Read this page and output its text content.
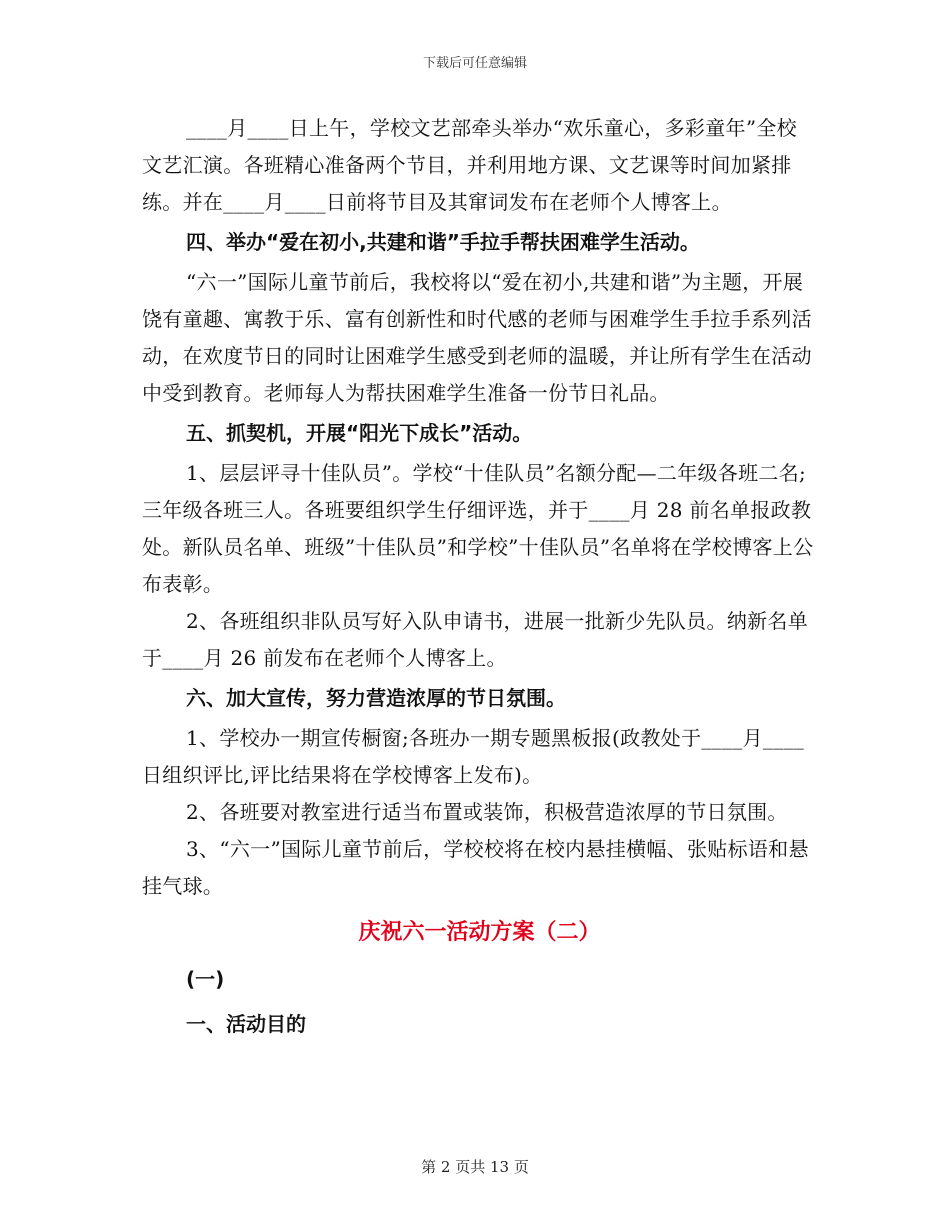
下载后可任意编辑

____月____日上午，学校文艺部牵头举办“欢乐童心，多彩童年”全校文艺汇演。各班精心准备两个节目，并利用地方课、文艺课等时间加紧排练。并在____月____日前将节目及其窜词发布在老师个人博客上。

四、举办“爱在初小,共建和谐”手拉手帮扶困难学生活动。

“六一”国际儿童节前后，我校将以“爱在初小,共建和谐”为主题，开展饶有童趣、寓教于乐、富有创新性和时代感的老师与困难学生手拉手系列活动，在欢度节日的同时让困难学生感受到老师的温暖，并让所有学生在活动中受到教育。老师每人为帮扶困难学生准备一份节日礼品。

五、抓契机，开展“阳光下成长”活动。

1、层层评寻十佳队员”。学校“十佳队员”名额分配—二年级各班二名;三年级各班三人。各班要组织学生仔细评选，并于____月 28 前名单报政教处。新队员名单、班级”十佳队员”和学校”十佳队员”名单将在学校博客上公布表彰。

2、各班组织非队员写好入队申请书，进展一批新少先队员。纳新名单于____月 26 前发布在老师个人博客上。

六、加大宣传，努力营造浓厚的节日氛围。

1、学校办一期宣传橱窗;各班办一期专题黑板报(政教处于____月____日组织评比,评比结果将在学校博客上发布)。

2、各班要对教室进行适当布置或装饰，积极营造浓厚的节日氛围。

3、“六一”国际儿童节前后，学校校将在校内悬挂横幅、张贴标语和悬挂气球。

庆祝六一活动方案（二）

(一)

一、活动目的

第 2 页共 13 页
